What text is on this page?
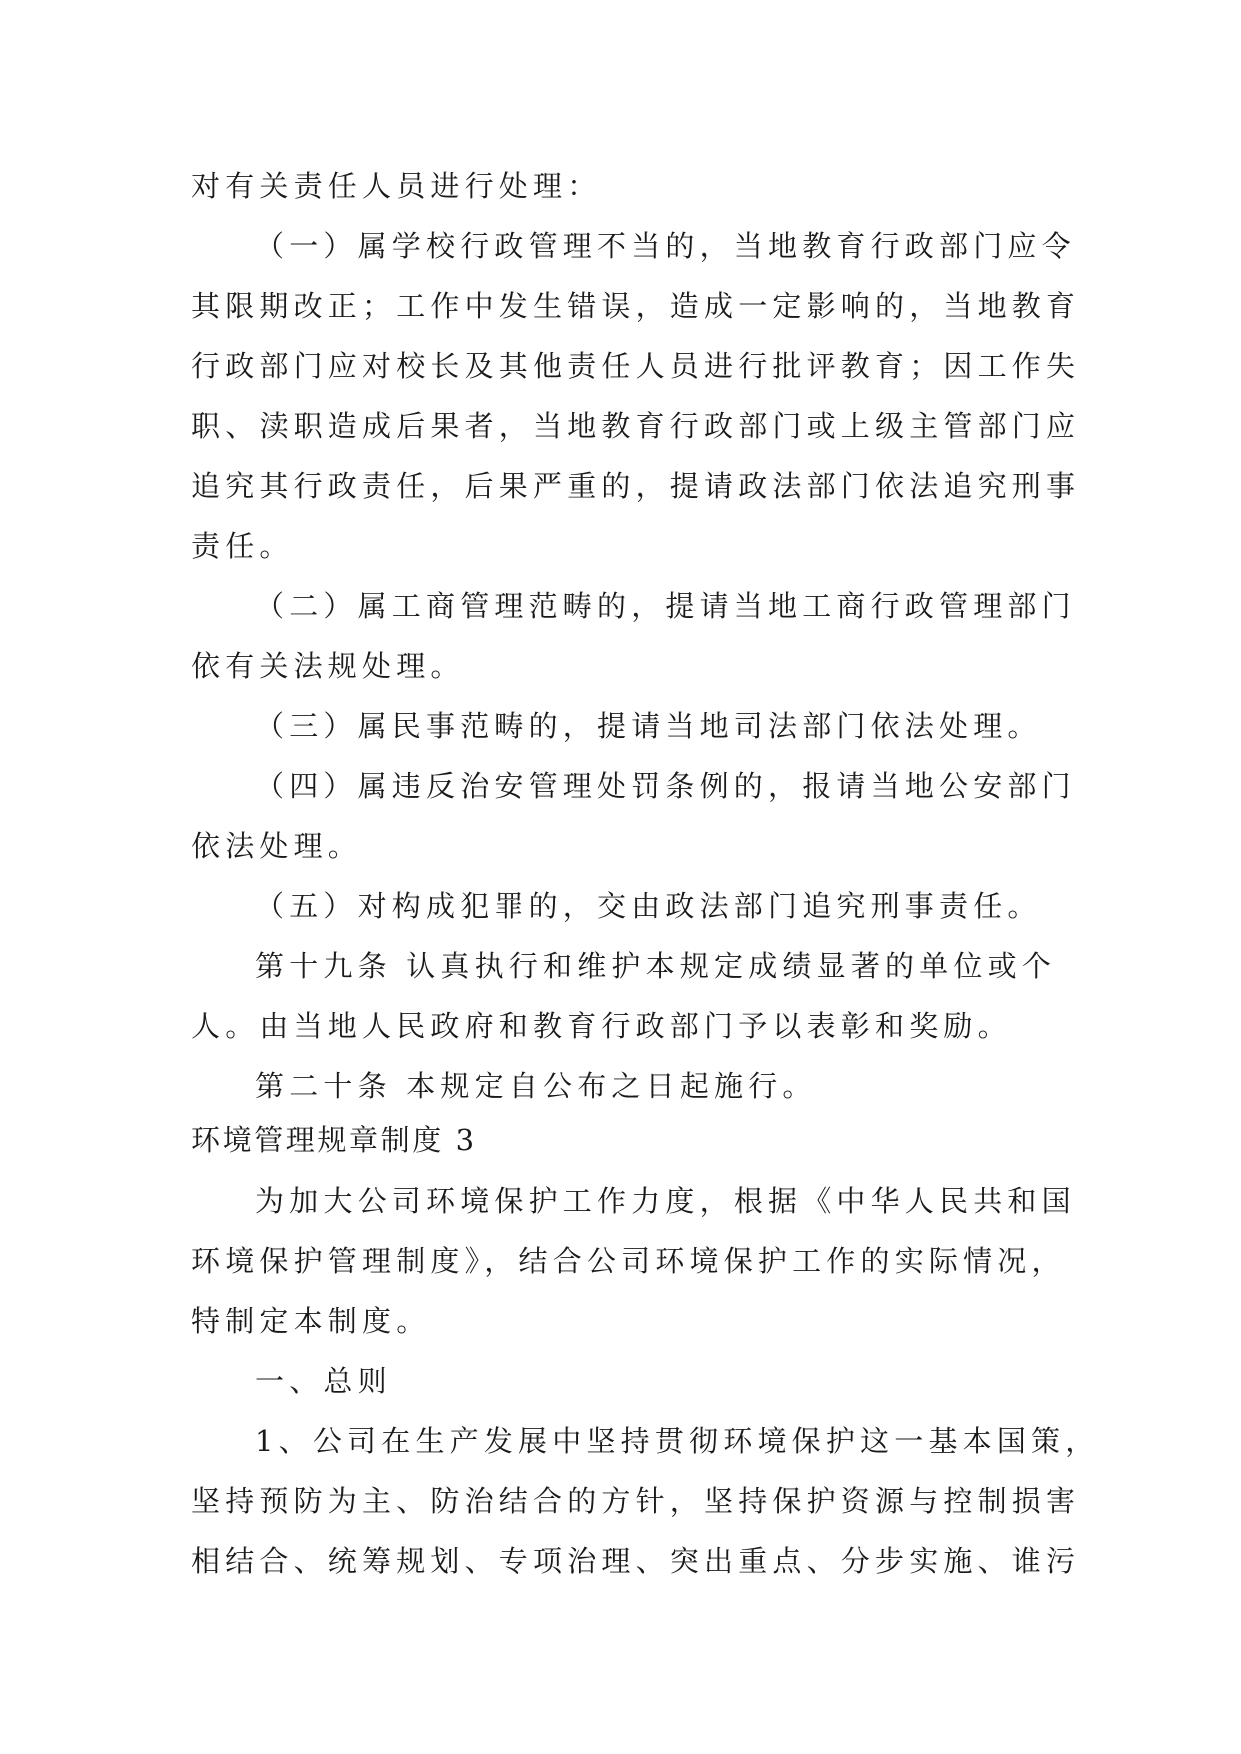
对有关责任人员进行处理：
（一）属学校行政管理不当的，当地教育行政部门应令
其限期改正；工作中发生错误，造成一定影响的，当地教育
行政部门应对校长及其他责任人员进行批评教育；因工作失
职、渎职造成后果者，当地教育行政部门或上级主管部门应
追究其行政责任，后果严重的，提请政法部门依法追究刑事
责任。
（二）属工商管理范畴的，提请当地工商行政管理部门
依有关法规处理。
（三）属民事范畴的，提请当地司法部门依法处理。
（四）属违反治安管理处罚条例的，报请当地公安部门
依法处理。
（五）对构成犯罪的，交由政法部门追究刑事责任。
第十九条 认真执行和维护本规定成绩显著的单位或个
人。由当地人民政府和教育行政部门予以表彰和奖励。
第二十条 本规定自公布之日起施行。
环境管理规章制度 3
为加大公司环境保护工作力度，根据《中华人民共和国
环境保护管理制度》，结合公司环境保护工作的实际情况，
特制定本制度。
一、总则
1、公司在生产发展中坚持贯彻环境保护这一基本国策，
坚持预防为主、防治结合的方针，坚持保护资源与控制损害
相结合、统筹规划、专项治理、突出重点、分步实施、谁污
